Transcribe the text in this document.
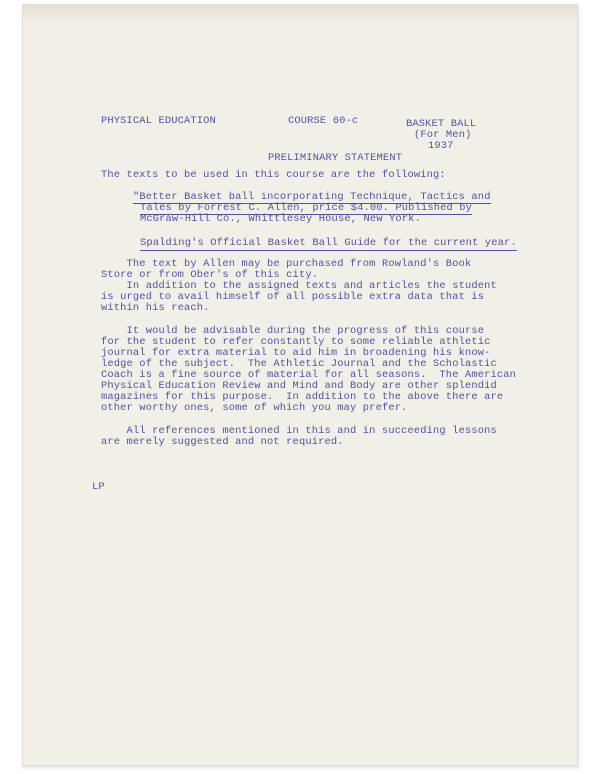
PHYSICAL EDUCATION	COURSE 60-c	BASKET BALL

(For Men)

1937

PRELIMINARY STATEMENT

The texts to be used in this course are the following:

"Better Basket ball incorporating Technique, Tactics and

Tales by Forrest C. Allen, price $4.00. Published by

McGraw-Hill Co., Whittlesey House, New York.

Spalding's Official Basket Ball Guide for the current year.

The text by Allen may be purchased from Rowland's Book

Store or from Ober's of this city.

In addition to the assigned texts and articles the student

is urged to avail himself of all possible extra data that is

within his reach.

It would be advisable during the progress of this course

for the student to refer constantly to some reliable athletic

journal for extra material to aid him in broadening his know-

ledge of the subject.  The Athletic Journal and the Scholastic

Coach is a fine source of material for all seasons.  The American

Physical Education Review and Mind and Body are other splendid

magazines for this purpose.  In addition to the above there are

other worthy ones, some of which you may prefer.

All references mentioned in this and in succeeding lessons

are merely suggested and not required.

LP
